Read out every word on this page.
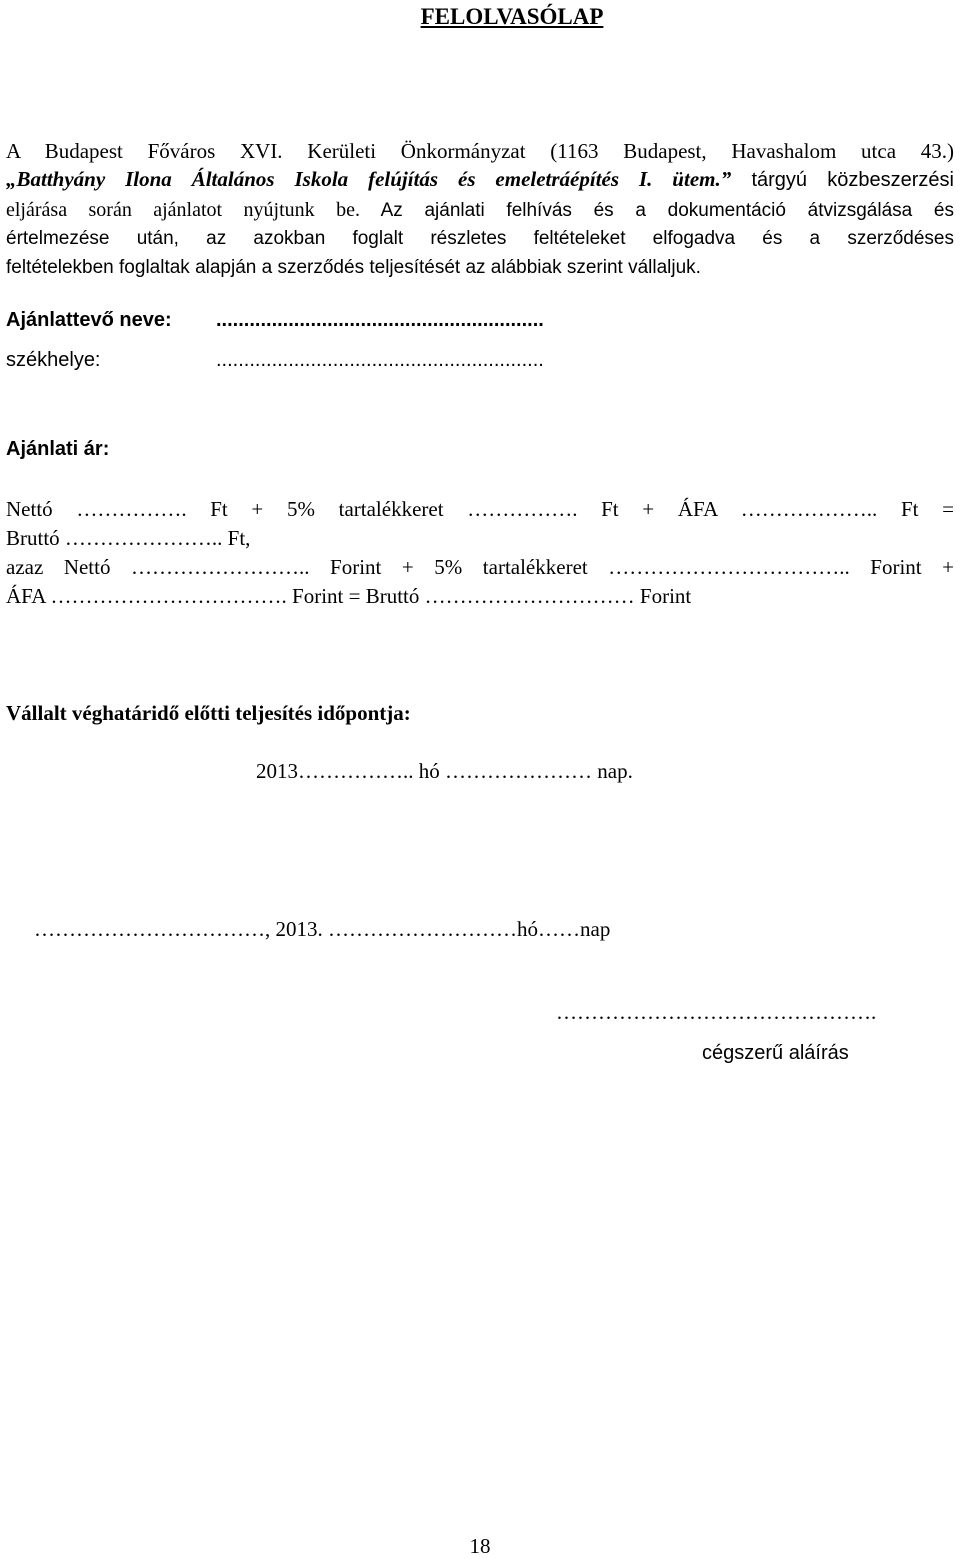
FELOLVASÓLAP
A Budapest Főváros XVI. Kerületi Önkormányzat (1163 Budapest, Havashalom utca 43.)
„Batthyány Ilona Általános Iskola felújítás és emeletráépítés I. ütem.” tárgyú közbeszerzési
eljárása során ajánlatot nyújtunk be. Az ajánlati felhívás és a dokumentáció átvizsgálása és
értelmezése után, az azokban foglalt részletes feltételeket elfogadva és a szerződéses
feltételekben foglaltak alapján a szerződés teljesítését az alábbiak szerint vállaljuk.
Ajánlattevő neve: ...........................................................
székhelye:	...........................................................
Ajánlati ár:
Nettó ……………. Ft + 5% tartalékkeret ……………. Ft + ÁFA ……………….. Ft =
Bruttó ………………….. Ft,
azaz Nettó …………………….. Forint + 5% tartalékkeret …………………………….. Forint +
ÁFA ……………………………. Forint = Bruttó ………………………… Forint
Vállalt véghatáridő előtti teljesítés időpontja:
2013…………….. hó ………………… nap.
……………………………, 2013. ………………………hó……nap
……………………………………….
cégszerű aláírás
18
